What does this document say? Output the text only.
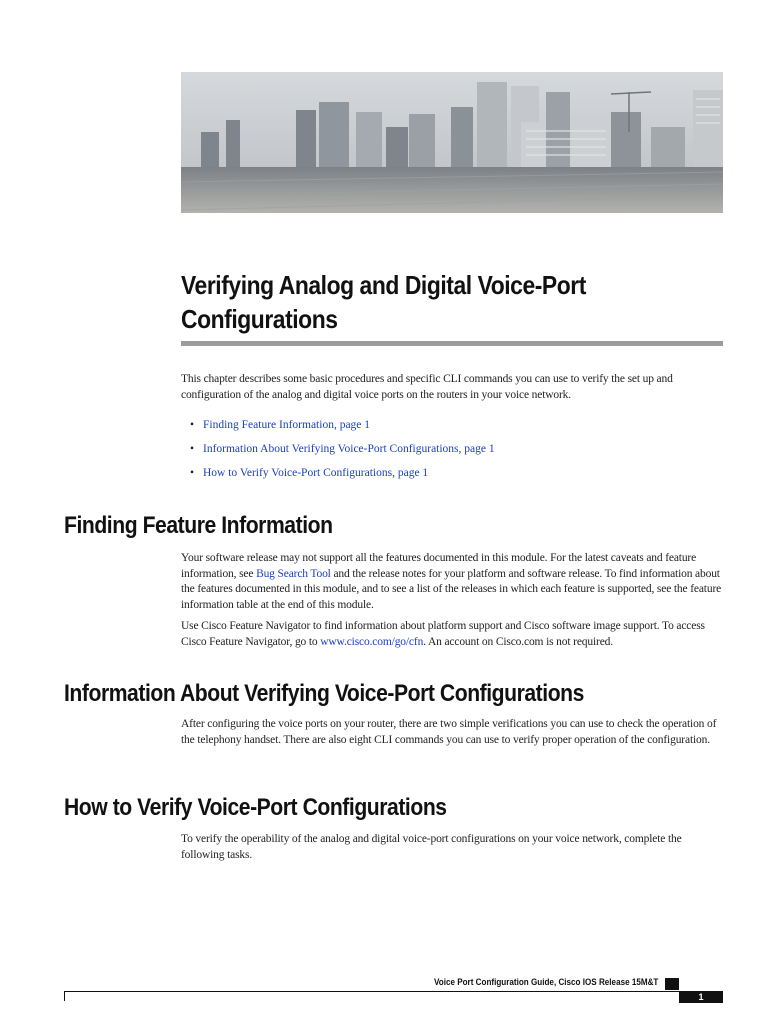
Verifying Analog and Digital Voice-Port Configurations

This chapter describes some basic procedures and specific CLI commands you can use to verify the set up and configuration of the analog and digital voice ports on the routers in your voice network.

• Finding Feature Information, page 1
• Information About Verifying Voice-Port Configurations, page 1
• How to Verify Voice-Port Configurations, page 1
Finding Feature Information

Your software release may not support all the features documented in this module. For the latest caveats and feature information, see Bug Search Tool and the release notes for your platform and software release. To find information about the features documented in this module, and to see a list of the releases in which each feature is supported, see the feature information table at the end of this module.

Use Cisco Feature Navigator to find information about platform support and Cisco software image support. To access Cisco Feature Navigator, go to www.cisco.com/go/cfn. An account on Cisco.com is not required.

Information About Verifying Voice-Port Configurations

After configuring the voice ports on your router, there are two simple verifications you can use to check the operation of the telephony handset. There are also eight CLI commands you can use to verify proper operation of the configuration.

How to Verify Voice-Port Configurations

To verify the operability of the analog and digital voice-port configurations on your voice network, complete the following tasks.

Voice Port Configuration Guide, Cisco IOS Release 15M&T
1
